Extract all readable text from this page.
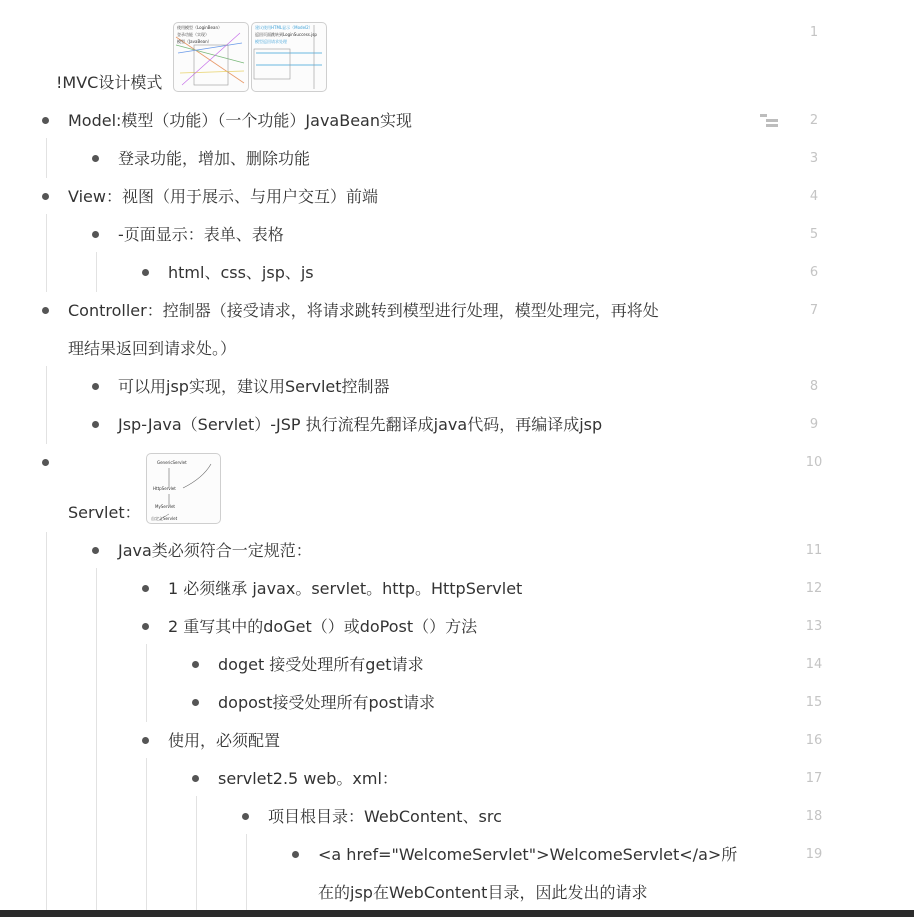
使用模型（LoginBean）
登录功能（实现）
模型（JavaBean）
建议使用HTML显示（Model2）
返回页面跳转到LoginSuccess.jsp
模型返回请求处理
!MVC设计模式
1
Model:模型（功能）（一个功能）JavaBean实现	2
登录功能，增加、删除功能	3
View：视图（用于展示、与用户交互）前端	4
-页面显示：表单、表格	5
html、css、jsp、js	6
Controller：控制器（接受请求，将请求跳转到模型进行处理，模型处理完，再将处
理结果返回到请求处。）
7
可以用jsp实现，建议用Servlet控制器	8
Jsp-Java（Servlet）-JSP 执行流程先翻译成java代码，再编译成jsp	9
GenericServlet
HttpServlet
MyServlet
自定义Servlet
Servlet：
10
Java类必须符合一定规范：	11
1 必须继承 javax。servlet。http。HttpServlet	12
2 重写其中的doGet（）或doPost（）方法	13
doget 接受处理所有get请求	14
dopost接受处理所有post请求	15
使用，必须配置	16
servlet2.5 web。xml：	17
项目根目录：WebContent、src	18
<a href="WelcomeServlet">WelcomeServlet</a>所
在的jsp在WebContent目录，因此发出的请求
19
